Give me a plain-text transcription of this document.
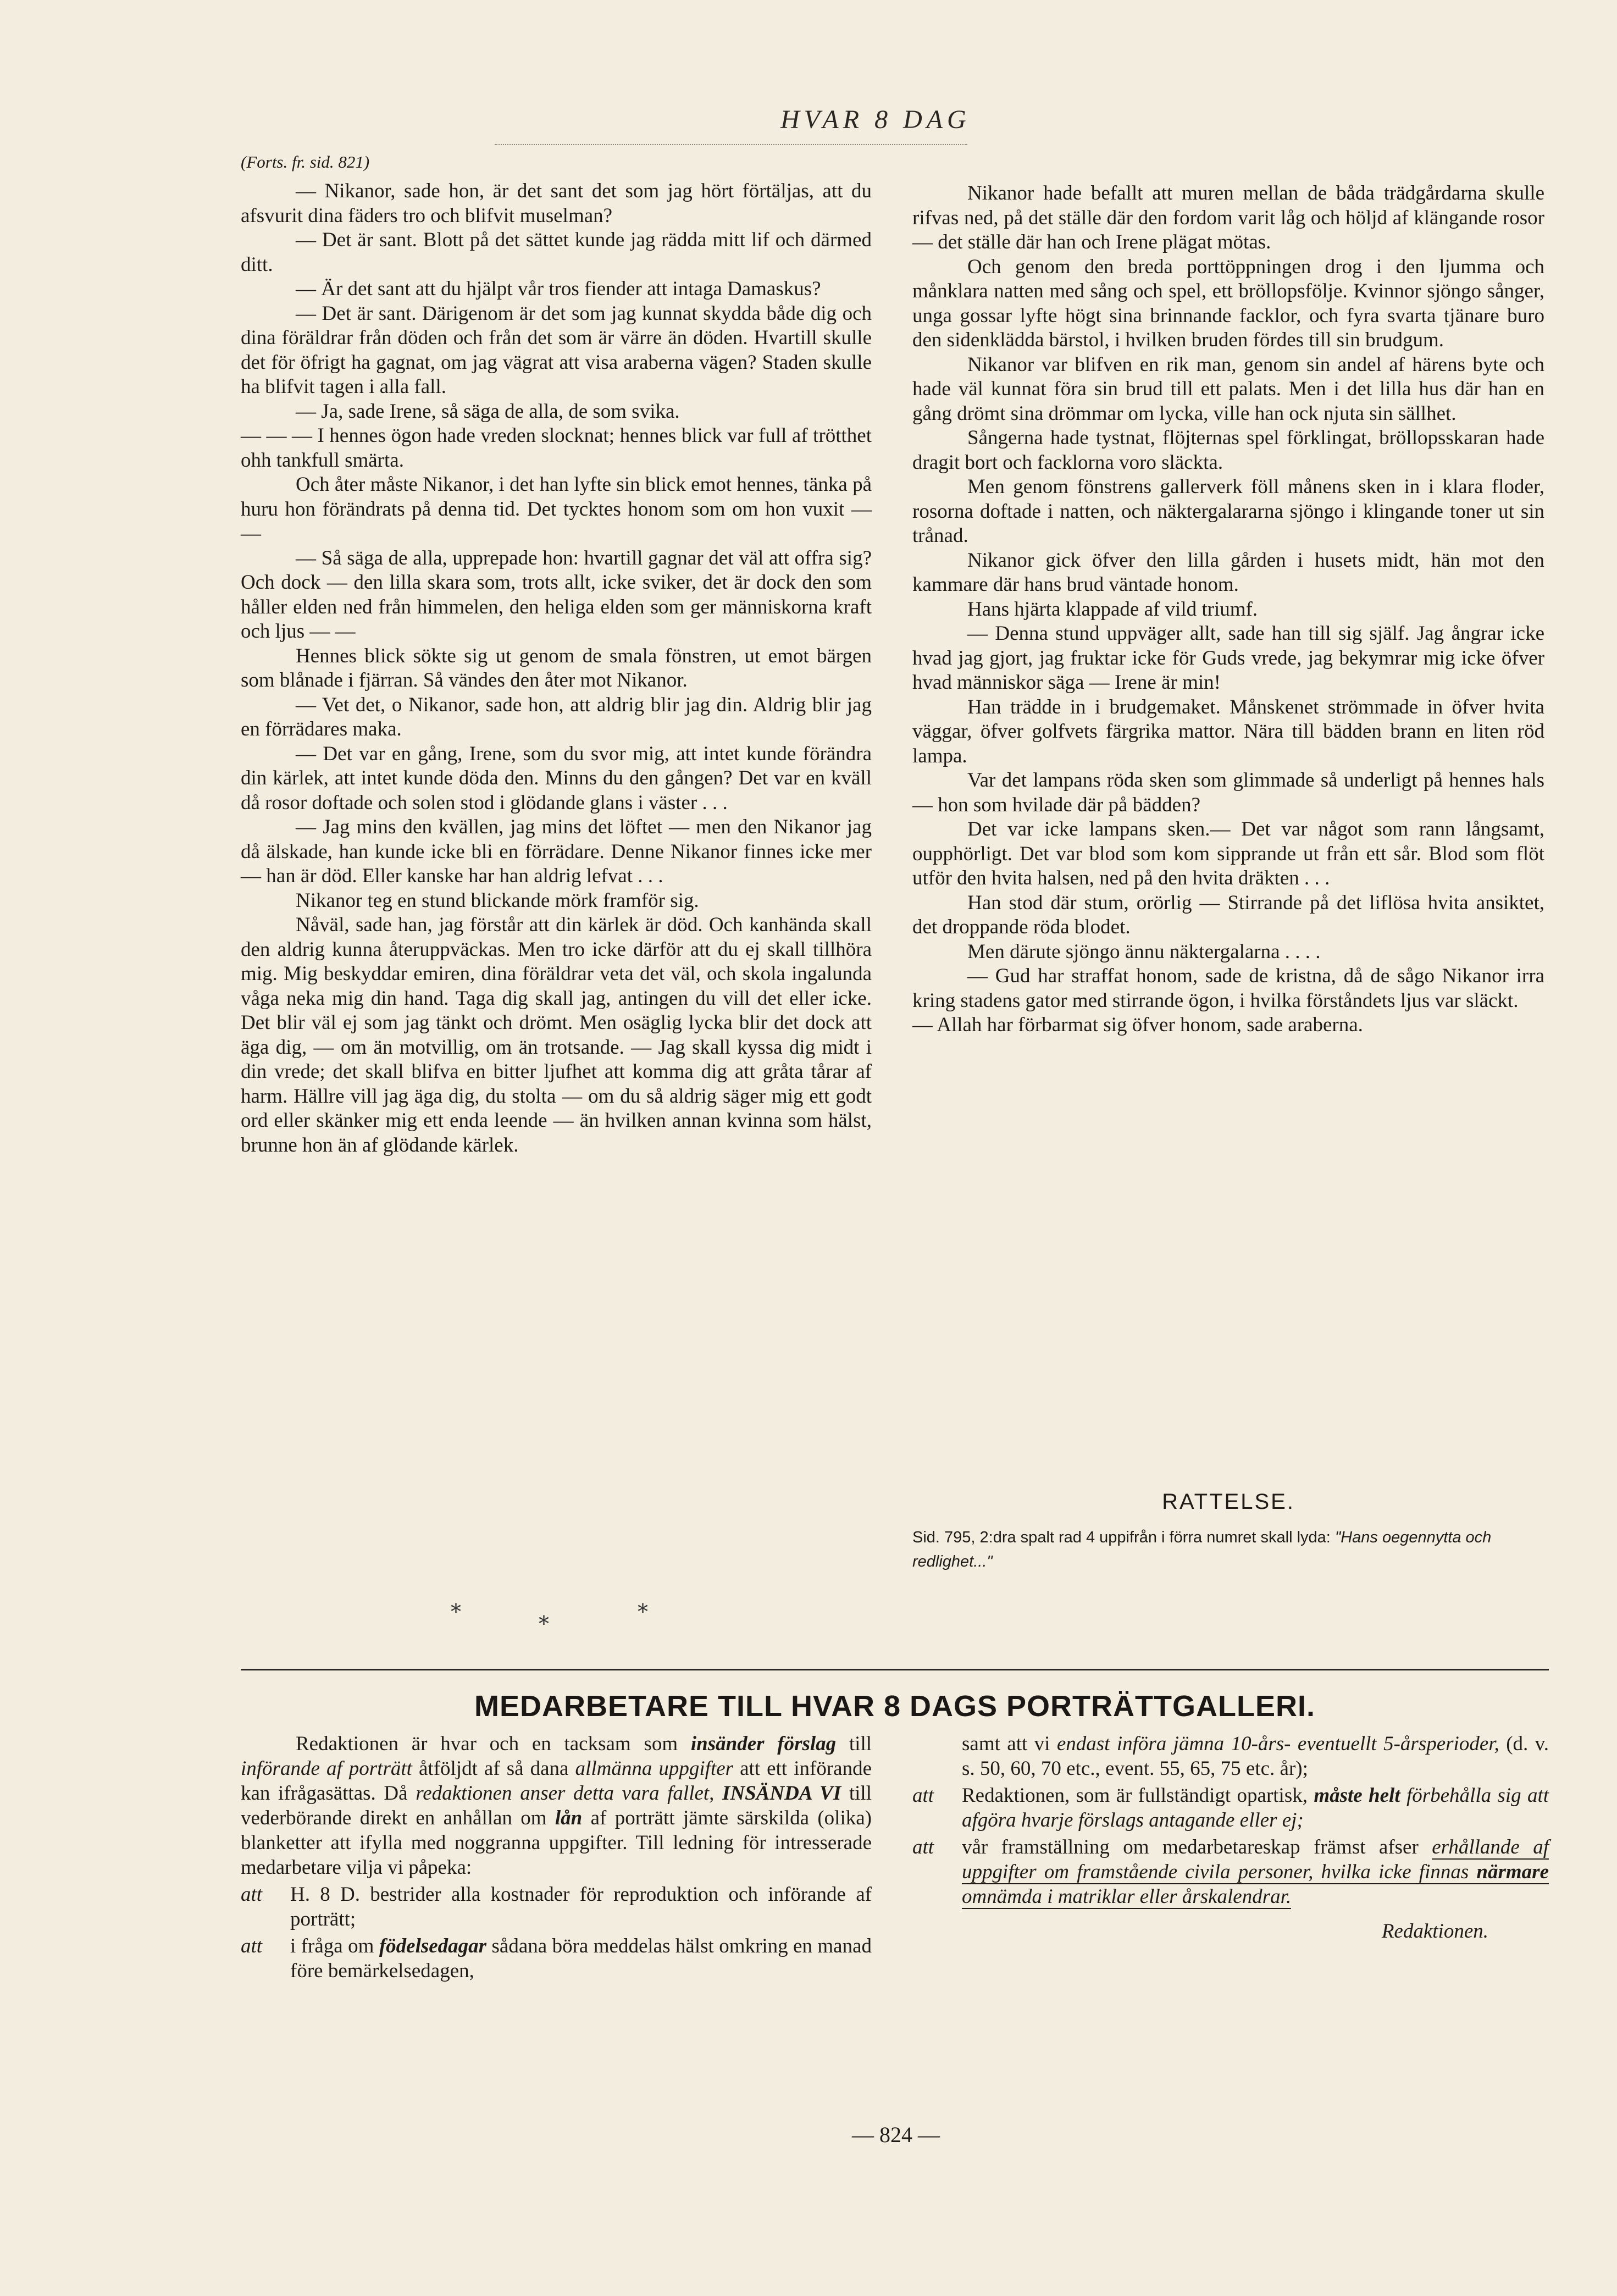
HVAR 8 DAG
(Forts. fr. sid. 821)

— Nikanor, sade hon, är det sant det som jag hört förtäljas, att du afsvurit dina fäders tro och blifvit muselman?

— Det är sant. Blott på det sättet kunde jag rädda mitt lif och därmed ditt.

— Är det sant att du hjälpt vår tros fiender att intaga Damaskus?

— Det är sant. Därigenom är det som jag kunnat skydda både dig och dina föräldrar från döden och från det som är värre än döden. Hvartill skulle det för öfrigt ha gagnat, om jag vägrat att visa araberna vägen? Staden skulle ha blifvit tagen i alla fall.

— Ja, sade Irene, så säga de alla, de som svika.

— — — I hennes ögon hade vreden slocknat; hennes blick var full af trötthet ohh tankfull smärta.

Och åter måste Nikanor, i det han lyfte sin blick emot hennes, tänka på huru hon förändrats på denna tid. Det tycktes honom som om hon vuxit — —

— Så säga de alla, upprepade hon: hvartill gagnar det väl att offra sig? Och dock — den lilla skara som, trots allt, icke sviker, det är dock den som håller elden ned från himmelen, den heliga elden som ger människorna kraft och ljus — —

Hennes blick sökte sig ut genom de smala fönstren, ut emot bärgen som blånade i fjärran. Så vändes den åter mot Nikanor.

— Vet det, o Nikanor, sade hon, att aldrig blir jag din. Aldrig blir jag en förrädares maka.

— Det var en gång, Irene, som du svor mig, att intet kunde förändra din kärlek, att intet kunde döda den. Minns du den gången? Det var en kväll då rosor doftade och solen stod i glödande glans i väster . . .

— Jag mins den kvällen, jag mins det löftet — men den Nikanor jag då älskade, han kunde icke bli en förrädare. Denne Nikanor finnes icke mer — han är död. Eller kanske har han aldrig lefvat . . .

Nikanor teg en stund blickande mörk framför sig.

Nåväl, sade han, jag förstår att din kärlek är död. Och kanhända skall den aldrig kunna återuppväckas. Men tro icke därför att du ej skall tillhöra mig. Mig beskyddar emiren, dina föräldrar veta det väl, och skola ingalunda våga neka mig din hand. Taga dig skall jag, antingen du vill det eller icke. Det blir väl ej som jag tänkt och drömt. Men osäglig lycka blir det dock att äga dig, — om än motvillig, om än trotsande. — Jag skall kyssa dig midt i din vrede; det skall blifva en bitter ljufhet att komma dig att gråta tårar af harm. Hällre vill jag äga dig, du stolta — om du så aldrig säger mig ett godt ord eller skänker mig ett enda leende — än hvilken annan kvinna som hälst, brunne hon än af glödande kärlek.

*	*	*

Nikanor hade befallt att muren mellan de båda trädgårdarna skulle rifvas ned, på det ställe där den fordom varit låg och höljd af klängande rosor — det ställe där han och Irene plägat mötas.

Och genom den breda porttöppningen drog i den ljumma och månklara natten med sång och spel, ett bröllopsfölje. Kvinnor sjöngo sånger, unga gossar lyfte högt sina brinnande facklor, och fyra svarta tjänare buro den sidenklädda bärstol, i hvilken bruden fördes till sin brudgum.

Nikanor var blifven en rik man, genom sin andel af härens byte och hade väl kunnat föra sin brud till ett palats. Men i det lilla hus där han en gång drömt sina drömmar om lycka, ville han ock njuta sin sällhet.

Sångerna hade tystnat, flöjternas spel förklingat, bröllopsskaran hade dragit bort och facklorna voro släckta.

Men genom fönstrens gallerverk föll månens sken in i klara floder, rosorna doftade i natten, och näktergalararna sjöngo i klingande toner ut sin trånad.

Nikanor gick öfver den lilla gården i husets midt, hän mot den kammare där hans brud väntade honom.

Hans hjärta klappade af vild triumf.

— Denna stund uppväger allt, sade han till sig själf. Jag ångrar icke hvad jag gjort, jag fruktar icke för Guds vrede, jag bekymrar mig icke öfver hvad människor säga — Irene är min!

Han trädde in i brudgemaket. Månskenet strömmade in öfver hvita väggar, öfver golfvets färgrika mattor. Nära till bädden brann en liten röd lampa.

Var det lampans röda sken som glimmade så underligt på hennes hals — hon som hvilade där på bädden?

Det var icke lampans sken.— Det var något som rann långsamt, oupphörligt. Det var blod som kom sipprande ut från ett sår. Blod som flöt utför den hvita halsen, ned på den hvita dräkten . . .

Han stod där stum, orörlig — Stirrande på det liflösa hvita ansiktet, det droppande röda blodet.

Men därute sjöngo ännu näktergalarna . . . .

— Gud har straffat honom, sade de kristna, då de sågo Nikanor irra kring stadens gator med stirrande ögon, i hvilka förståndets ljus var släckt.

— Allah har förbarmat sig öfver honom, sade araberna.

RATTELSE.

Sid. 795, 2:dra spalt rad 4 uppifrån i förra numret skall lyda: "Hans oegennytta och redlighet..."

MEDARBETARE TILL HVAR 8 DAGS PORTRÄTTGALLERI.

Redaktionen är hvar och en tacksam som insänder förslag till införande af porträtt åtföljdt af så dana allmänna uppgifter att ett införande kan ifrågasättas. Då redaktionen anser detta vara fallet, INSÄNDA VI till vederbörande direkt en anhållan om lån af porträtt jämte särskilda (olika) blanketter att ifylla med noggranna uppgifter. Till ledning för intresserade medarbetare vilja vi påpeka:

att	H. 8 D. bestrider alla kostnader för reproduktion och införande af porträtt;
att	i fråga om födelsedagar sådana böra meddelas hälst omkring en manad före bemärkelsedagen,

samt att vi endast införa jämna 10-års- eventuellt 5-årsperioder, (d. v. s. 50, 60, 70 etc., event. 55, 65, 75 etc. år);

att	Redaktionen, som är fullständigt opartisk, måste helt förbehålla sig att afgöra hvarje förslags antagande eller ej;
att	vår framställning om medarbetareskap främst afser erhållande af uppgifter om framstående civila personer, hvilka icke finnas närmare omnämda i matriklar eller årskalendrar.
Redaktionen.
— 824 —
